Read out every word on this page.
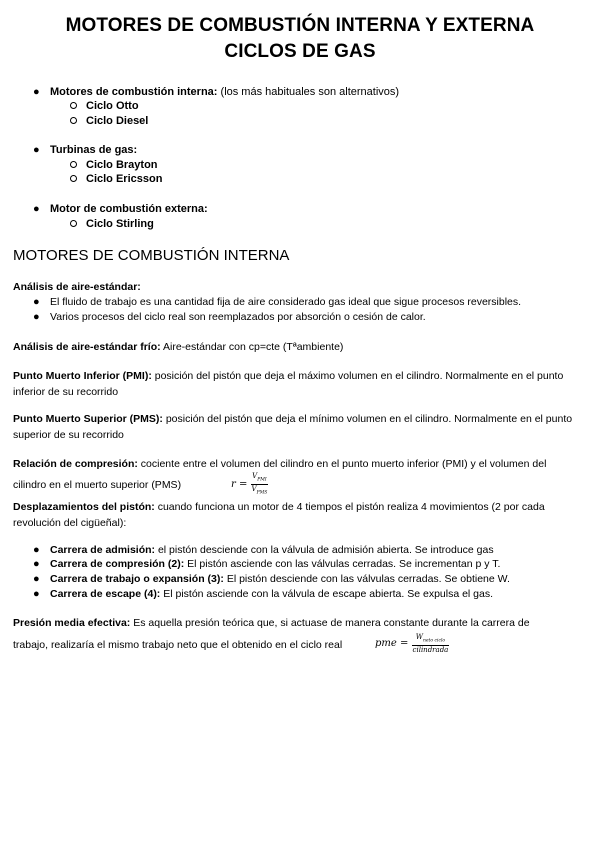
MOTORES DE COMBUSTIÓN INTERNA Y EXTERNA
CICLOS DE GAS
● Motores de combustión interna: (los más habituales son alternativos)
Ciclo Otto
Ciclo Diesel
● Turbinas de gas:
Ciclo Brayton
Ciclo Ericsson
● Motor de combustión externa:
Ciclo Stirling
MOTORES DE COMBUSTIÓN INTERNA
Análisis de aire-estándar:
● El fluido de trabajo es una cantidad fija de aire considerado gas ideal que sigue procesos reversibles.
● Varios procesos del ciclo real son reemplazados por absorción o cesión de calor.
Análisis de aire-estándar frío: Aire-estándar con cp=cte (Tªambiente)
Punto Muerto Inferior (PMI): posición del pistón que deja el máximo volumen en el cilindro. Normalmente en el punto inferior de su recorrido
Punto Muerto Superior (PMS): posición del pistón que deja el mínimo volumen en el cilindro. Normalmente en el punto superior de su recorrido
Relación de compresión: cociente entre el volumen del cilindro en el punto muerto inferior (PMI) y el volumen del
cilindro en el muerto superior (PMS)	$r = \frac{V_{PMI}}{V_{PMS}}$
Desplazamientos del pistón: cuando funciona un motor de 4 tiempos el pistón realiza 4 movimientos (2 por cada revolución del cigüeñal):
● Carrera de admisión: el pistón desciende con la válvula de admisión abierta. Se introduce gas
● Carrera de compresión (2): El pistón asciende con las válvulas cerradas. Se incrementan p y T.
● Carrera de trabajo o expansión (3): El pistón desciende con las válvulas cerradas. Se obtiene W.
● Carrera de escape (4): El pistón asciende con la válvula de escape abierta. Se expulsa el gas.
Presión media efectiva: Es aquella presión teórica que, si actuase de manera constante durante la carrera de
trabajo, realizaría el mismo trabajo neto que el obtenido en el ciclo real	pme = $\frac{W_{neto ciclo}}{\text{cilindrada}}$
